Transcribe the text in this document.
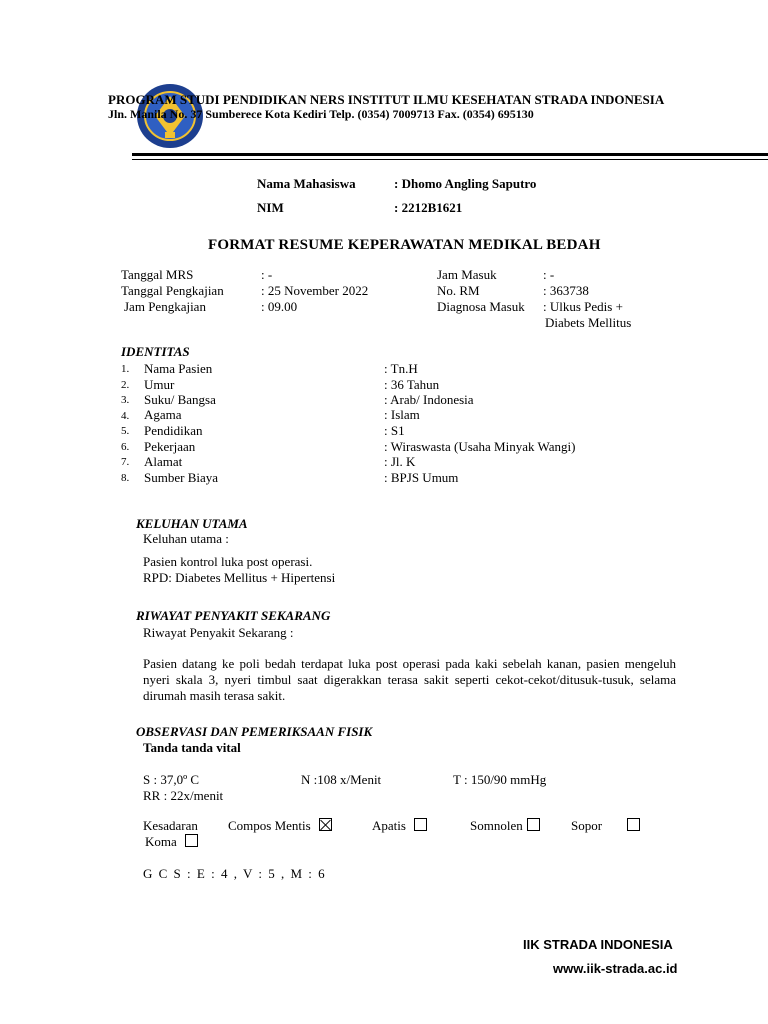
PROGRAM STUDI PENDIDIKAN NERS INSTITUT ILMU KESEHATAN STRADA INDONESIA
Jln. Manila No. 37 Sumberece Kota Kediri Telp. (0354) 7009713 Fax. (0354) 695130
Nama Mahasiswa	: Dhomo Angling Saputro
NIM	: 2212B1621
FORMAT RESUME KEPERAWATAN MEDIKAL BEDAH
Tanggal MRS	: -
Tanggal Pengkajian	: 25 November 2022
Jam Pengkajian	: 09.00
Jam Masuk	: -
No. RM	: 363738
Diagnosa Masuk : Ulkus Pedis +
Diabets Mellitus
IDENTITAS
1. Nama Pasien	: Tn.H
2. Umur	: 36 Tahun
3. Suku/ Bangsa	: Arab/ Indonesia
4. Agama	: Islam
5. Pendidikan	: S1
6. Pekerjaan	: Wiraswasta (Usaha Minyak Wangi)
7. Alamat	: Jl. K
8. Sumber Biaya	: BPJS Umum
KELUHAN UTAMA
Keluhan utama :
Pasien kontrol luka post operasi.
RPD: Diabetes Mellitus + Hipertensi
RIWAYAT PENYAKIT SEKARANG
Riwayat Penyakit Sekarang :
Pasien datang ke poli bedah terdapat luka post operasi pada kaki sebelah kanan, pasien mengeluh nyeri skala 3, nyeri timbul saat digerakkan terasa sakit seperti cekot-cekot/ditusuk-tusuk, selama dirumah masih terasa sakit.
OBSERVASI DAN PEMERIKSAAN FISIK
Tanda tanda vital
S : 37,0º C	N :108 x/Menit	T : 150/90 mmHg
RR : 22x/menit
Kesadaran Compos Mentis	Apatis	Somnolen	Sopor
Koma
G C S : E : 4 , V : 5 , M : 6
IIK STRADA INDONESIA
www.iik-strada.ac.id
